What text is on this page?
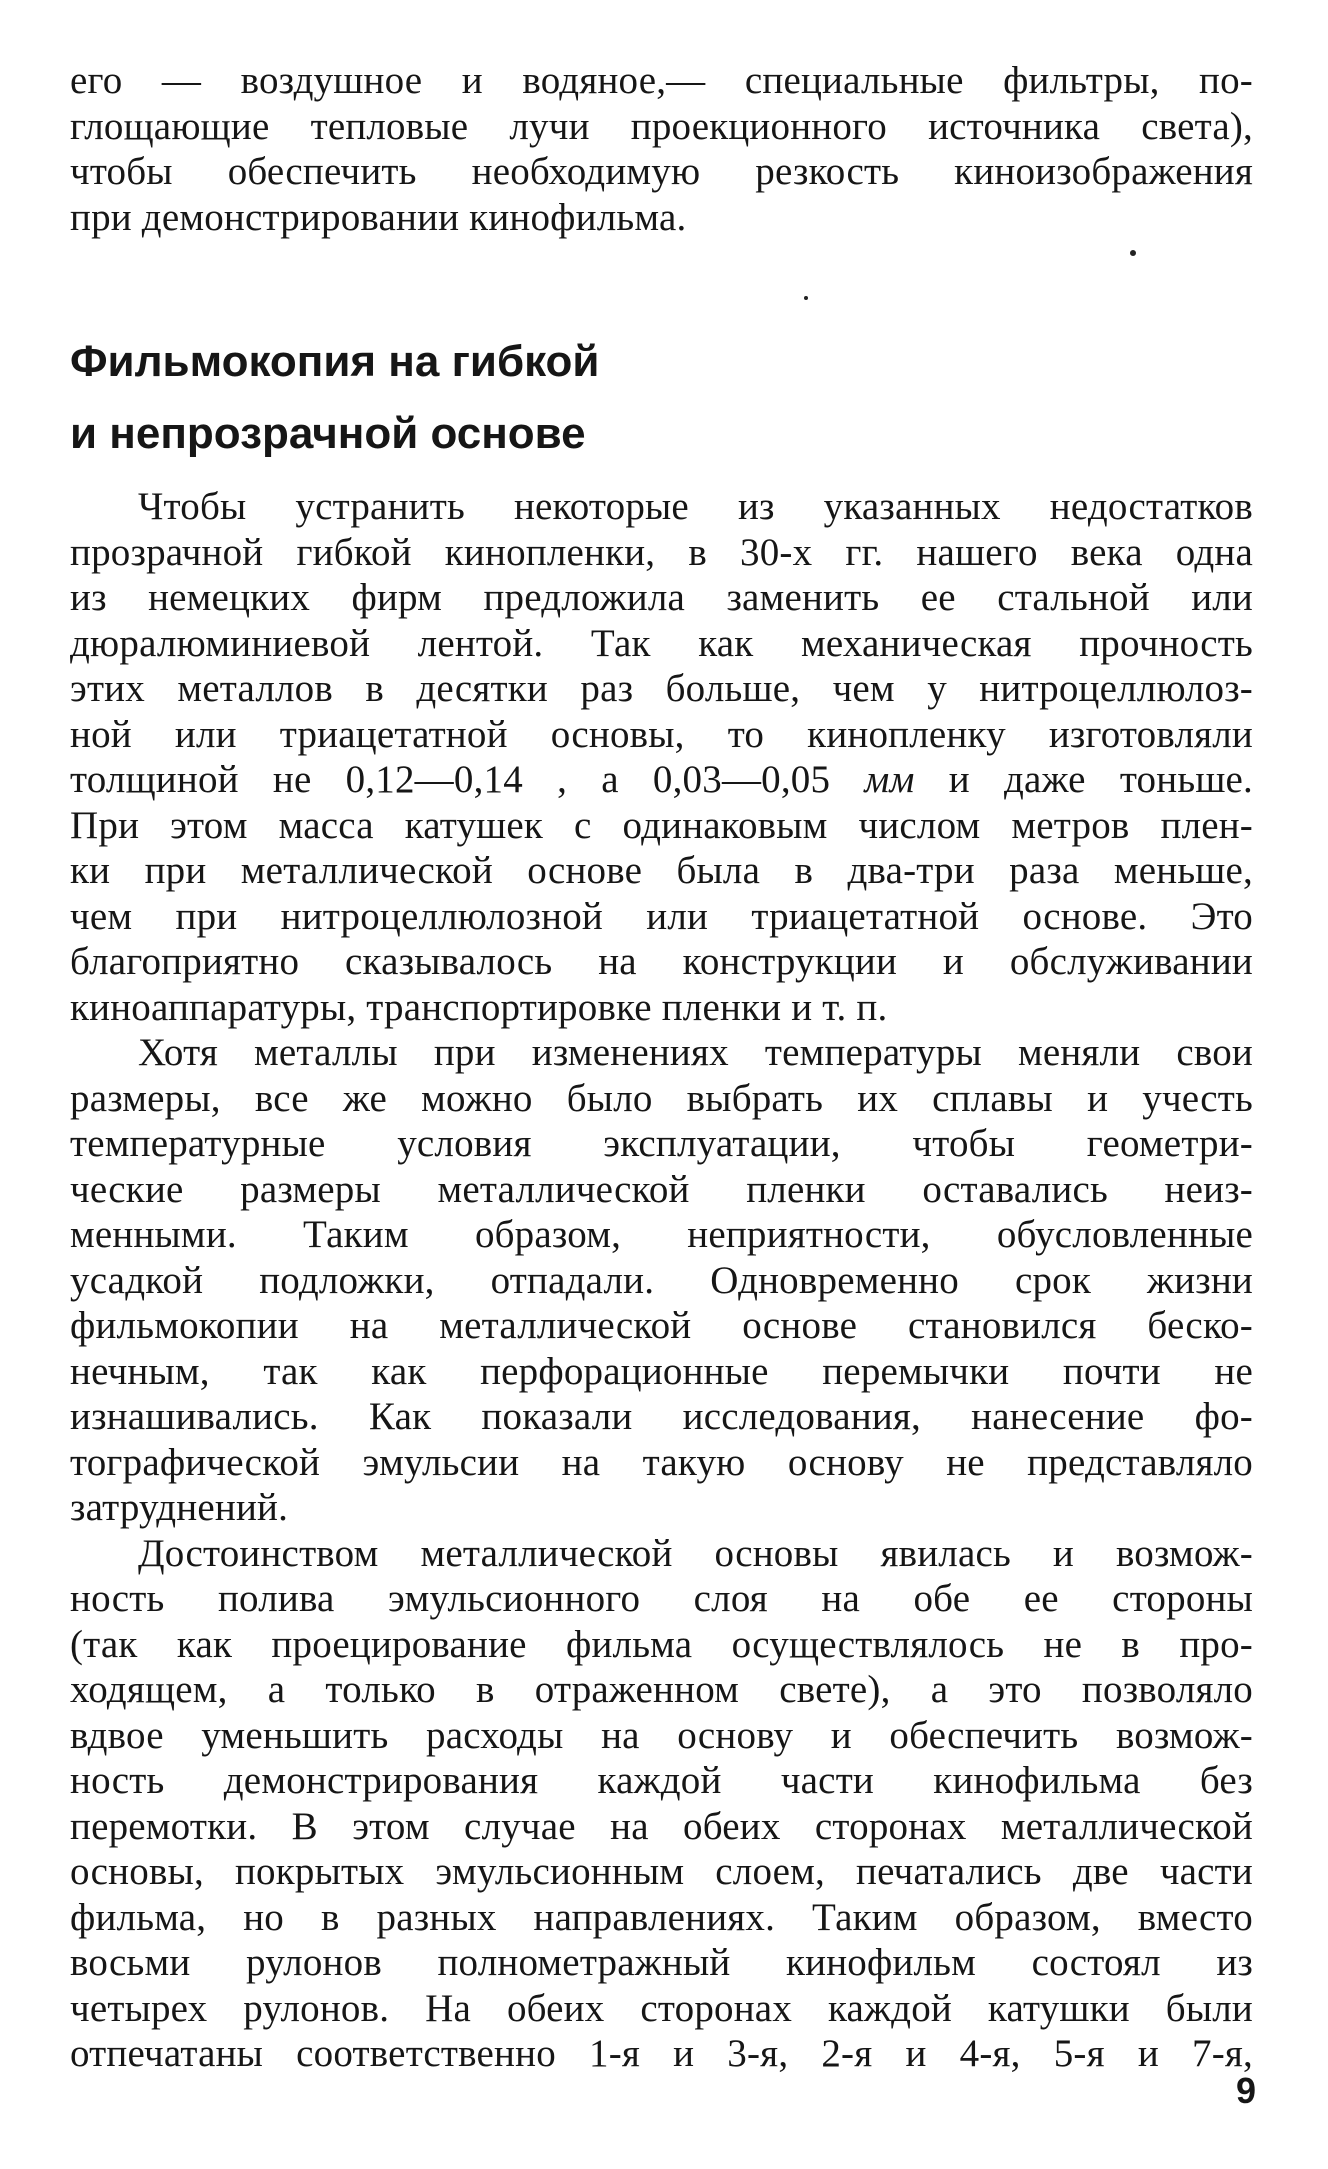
его — воздушное и водяное,— специальные фильтры, по-
глощающие тепловые лучи проекционного источника света),
чтобы обеспечить необходимую резкость киноизображения
при демонстрировании кинофильма.
Фильмокопия на гибкой
и непрозрачной основе
Чтобы устранить некоторые из указанных недостатков
прозрачной гибкой кинопленки, в 30-х гг. нашего века одна
из немецких фирм предложила заменить ее стальной или
дюралюминиевой лентой. Так как механическая прочность
этих металлов в десятки раз больше, чем у нитроцеллюлоз-
ной или триацетатной основы, то кинопленку изготовляли
толщиной не 0,12—0,14 , а 0,03—0,05 мм и даже тоньше.
При этом масса катушек с одинаковым числом метров плен-
ки при металлической основе была в два-три раза меньше,
чем при нитроцеллюлозной или триацетатной основе. Это
благоприятно сказывалось на конструкции и обслуживании
киноаппаратуры, транспортировке пленки и т. п.
Хотя металлы при изменениях температуры меняли свои
размеры, все же можно было выбрать их сплавы и учесть
температурные условия эксплуатации, чтобы геометри-
ческие размеры металлической пленки оставались неиз-
менными. Таким образом, неприятности, обусловленные
усадкой подложки, отпадали. Одновременно срок жизни
фильмокопии на металлической основе становился беско-
нечным, так как перфорационные перемычки почти не
изнашивались. Как показали исследования, нанесение фо-
тографической эмульсии на такую основу не представляло
затруднений.
Достоинством металлической основы явилась и возмож-
ность полива эмульсионного слоя на обе ее стороны
(так как проецирование фильма осуществлялось не в про-
ходящем, а только в отраженном свете), а это позволяло
вдвое уменьшить расходы на основу и обеспечить возмож-
ность демонстрирования каждой части кинофильма без
перемотки. В этом случае на обеих сторонах металлической
основы, покрытых эмульсионным слоем, печатались две части
фильма, но в разных направлениях. Таким образом, вместо
восьми рулонов полнометражный кинофильм состоял из
четырех рулонов. На обеих сторонах каждой катушки были
отпечатаны соответственно 1-я и 3-я, 2-я и 4-я, 5-я и 7-я,
9
